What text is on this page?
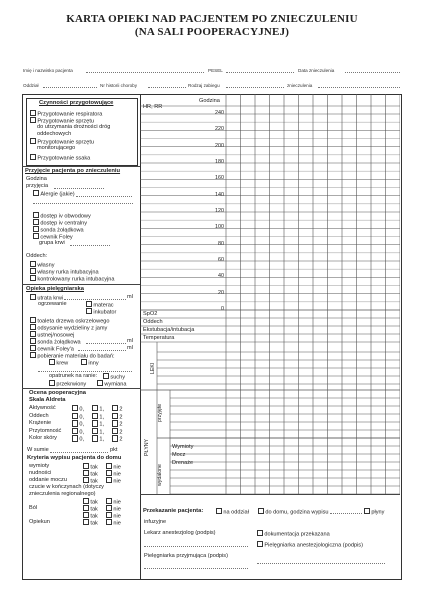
KARTA OPIEKI NAD PACJENTEM PO ZNIECZULENIU
(NA SALI POOPERACYJNEJ)
Imię i nazwisko pacjenta	PESEL	Data znieczulenia
Oddział	Nr historii choroby	Rodzaj zabiegu	znieczulenia
Czynności przygotowujące
Przygotowanie respiratora
Przygotowanie sprzętu
do utrzymania drożności dróg
oddechowych
Przygotowanie sprzętu
monitorującego
Przygotowanie ssaka
Przyjęcie pacjenta po znieczuleniu
Godzina
przyjęcia
Alergie (jakie)
dostęp iv obwodowy
dostęp iv centralny
sonda żołądkowa
cewnik Foley
grupa krwi
Oddech:
własny
własny rurka intubacyjna
kontrolowany rurka intubacyjna
Opieka pielęgniarska
utrata krwi	ml
ogrzewanie	materac
inkubator
toaleta drzewa oskrzelowego
odsysanie wydzieliny z jamy
ustnej/nosowej
sonda żołądkowa	ml
cewnik Foley'a	ml
pobieranie materiału do badań:
krew	inny
opatrunek na ranie:	suchy
przekrwiony	wymiana
Ocena pooperacyjna
Skala Aldreta
Aktywność	0,	1,	2
Oddech	0,	1,	2
Krążenie	0,	1,	2
Przytomność	0,	1,	2
Kolor skóry	0,	1,	2
W sumie	pkt
Kryteria wypisu pacjenta do domu
wymioty	tak	nie
nudności	tak	nie
oddanie moczu	tak	nie
czucie w kończynach (dotyczy
znieczulenia regionalnego)
tak	nie
Ból	tak	nie
tak	nie
Opiekun	tak	nie
Godzina
HR, RR
240
220
200
180
160
140
120
100
80
60
40
20
0
SpO2
Oddech
Ekstubacja/intubacja
Temperatura
Wymioty
Mocz
Drenaże
LEKI
PŁYNY
przyjęte
wydalone
Przekazanie pacjenta:	na oddział	do domu, godzina wypisu	płyny
infuzyjne
Lekarz anestezjolog (podpis)	dokumentacja przekazana
Pielęgniarka anestezjologiczna (podpis)
Pielęgniarka przyjmująca (podpis)
